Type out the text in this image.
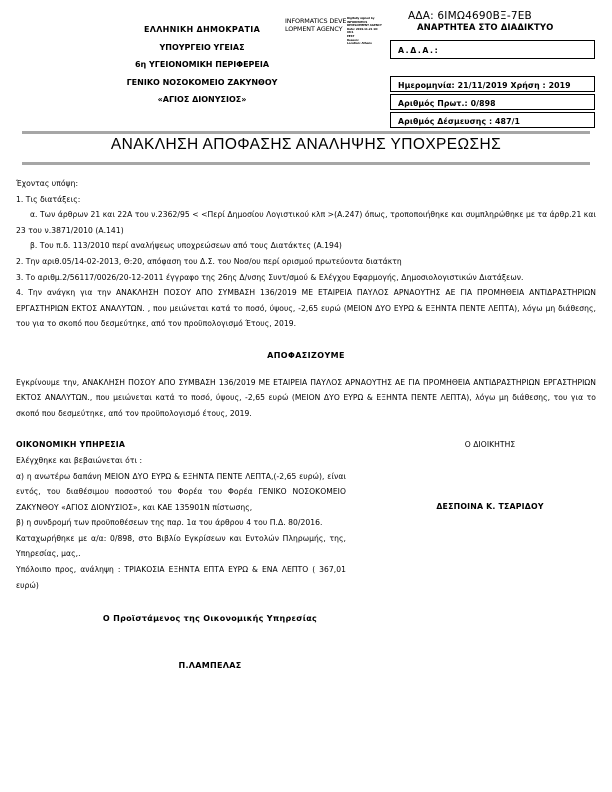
ΑΔΑ: 6ΙΜΩ4690ΒΞ-7ΕΒ
ΑΝΑΡΤΗΤΕΑ ΣΤΟ ΔΙΑΔΙΚΤΥΟ
ΕΛΛΗΝΙΚΗ ΔΗΜΟΚΡΑΤΙΑ
ΥΠΟΥΡΓΕΙΟ ΥΓΕΙΑΣ
6η ΥΓΕΙΟΝΟΜΙΚΗ ΠΕΡΙΦΕΡΕΙΑ
ΓΕΝΙΚΟ ΝΟΣΟΚΟΜΕΙΟ ΖΑΚΥΝΘΟΥ
«ΑΓΙΟΣ ΔΙΟΝΥΣΙΟΣ»
INFORMATICS DEVELOPMENT AGENCY
Digitally signed by
INFORMATICS
DEVELOPMENT AGENCY
Date: 2019.11.21 10:
08:1
EEST
Reason:
Location: Athens
Α.Δ.Α.:
Ημερομηνία: 21/11/2019 Χρήση : 2019
Αριθμός Πρωτ.: 0/898
Αριθμός Δέσμευσης : 487/1
ΑΝΑΚΛΗΣΗ ΑΠΟΦΑΣΗΣ ΑΝΑΛΗΨΗΣ ΥΠΟΧΡΕΩΣΗΣ

Έχοντας υπόψη:

1. Τις διατάξεις:

α. Των άρθρων 21 και 22Α του ν.2362/95 < <Περί Δημοσίου Λογιστικού κλπ >(Α.247) όπως, τροποποιήθηκε και συμπληρώθηκε με τα άρθρ.21 και 23 του ν.3871/2010 (Α.141)

β. Του π.δ. 113/2010 περί αναλήψεως υποχρεώσεων από τους Διατάκτες (Α.194)

2. Την αριθ.05/14-02-2013, Θ:20, απόφαση του Δ.Σ. του Νοσ/ου περί ορισμού πρωτεύοντα διατάκτη

3. Το αριθμ.2/56117/0026/20-12-2011 έγγραφο της 26ης Δ/νσης Συντ/σμού & Ελέγχου Εφαρμογής, Δημοσιολογιστικών Διατάξεων.

4. Την ανάγκη για την ΑΝΑΚΛΗΣΗ ΠΟΣΟΥ ΑΠΟ ΣΥΜΒΑΣΗ 136/2019 ΜΕ ΕΤΑΙΡΕΙΑ ΠΑΥΛΟΣ ΑΡΝΑΟΥΤΗΣ ΑΕ ΓΙΑ ΠΡΟΜΗΘΕΙΑ ΑΝΤΙΔΡΑΣΤΗΡΙΩΝ ΕΡΓΑΣΤΗΡΙΩΝ ΕΚΤΟΣ ΑΝΑΛΥΤΩΝ. , που μειώνεται κατά το ποσό, ύψους, -2,65 ευρώ (ΜΕΙΟΝ ΔΥΟ ΕΥΡΩ & ΕΞΗΝΤΑ ΠΕΝΤΕ ΛΕΠΤΑ), λόγω μη διάθεσης, του για το σκοπό που δεσμεύτηκε, από τον προϋπολογισμό Έτους, 2019.

ΑΠΟΦΑΣΙΖΟΥΜΕ

Εγκρίνουμε την, ΑΝΑΚΛΗΣΗ ΠΟΣΟΥ ΑΠΟ ΣΥΜΒΑΣΗ 136/2019 ΜΕ ΕΤΑΙΡΕΙΑ ΠΑΥΛΟΣ ΑΡΝΑΟΥΤΗΣ ΑΕ ΓΙΑ ΠΡΟΜΗΘΕΙΑ ΑΝΤΙΔΡΑΣΤΗΡΙΩΝ ΕΡΓΑΣΤΗΡΙΩΝ ΕΚΤΟΣ ΑΝΑΛΥΤΩΝ., που μειώνεται κατά το ποσό, ύψους, -2,65 ευρώ (ΜΕΙΟΝ ΔΥΟ ΕΥΡΩ & ΕΞΗΝΤΑ ΠΕΝΤΕ ΛΕΠΤΑ), λόγω μη διάθεσης, του για το σκοπό που δεσμεύτηκε, από τον προϋπολογισμό έτους, 2019.

ΟΙΚΟΝΟΜΙΚΗ ΥΠΗΡΕΣΙΑ

Ελέγχθηκε και βεβαιώνεται ότι :

α) η ανωτέρω δαπάνη ΜΕΙΟΝ ΔΥΟ ΕΥΡΩ & ΕΞΗΝΤΑ ΠΕΝΤΕ ΛΕΠΤΑ,(-2,65 ευρώ), είναι εντός, του διαθέσιμου ποσοστού του Φορέα του Φορέα ΓΕΝΙΚΟ ΝΟΣΟΚΟΜΕΙΟ ΖΑΚΥΝΘΟΥ «ΑΓΙΟΣ ΔΙΟΝΥΣΙΟΣ», και ΚΑΕ 135901Ν πίστωσης,

β) η συνδρομή των προϋποθέσεων της παρ. 1α του άρθρου 4 του Π.Δ. 80/2016.

Καταχωρήθηκε με α/α: 0/898, στο Βιβλίο Εγκρίσεων και Εντολών Πληρωμής, της, Υπηρεσίας, μας,.

Υπόλοιπο προς, ανάληψη : ΤΡΙΑΚΟΣΙΑ ΕΞΗΝΤΑ ΕΠΤΑ ΕΥΡΩ & ΕΝΑ ΛΕΠΤΟ ( 367,01 ευρώ)

Ο ΔΙΟΙΚΗΤΗΣ
ΔΕΣΠΟΙΝΑ Κ. ΤΣΑΡΙΔΟΥ
Ο Προϊστάμενος της Οικονομικής Υπηρεσίας
Π.ΛΑΜΠΕΛΑΣ
